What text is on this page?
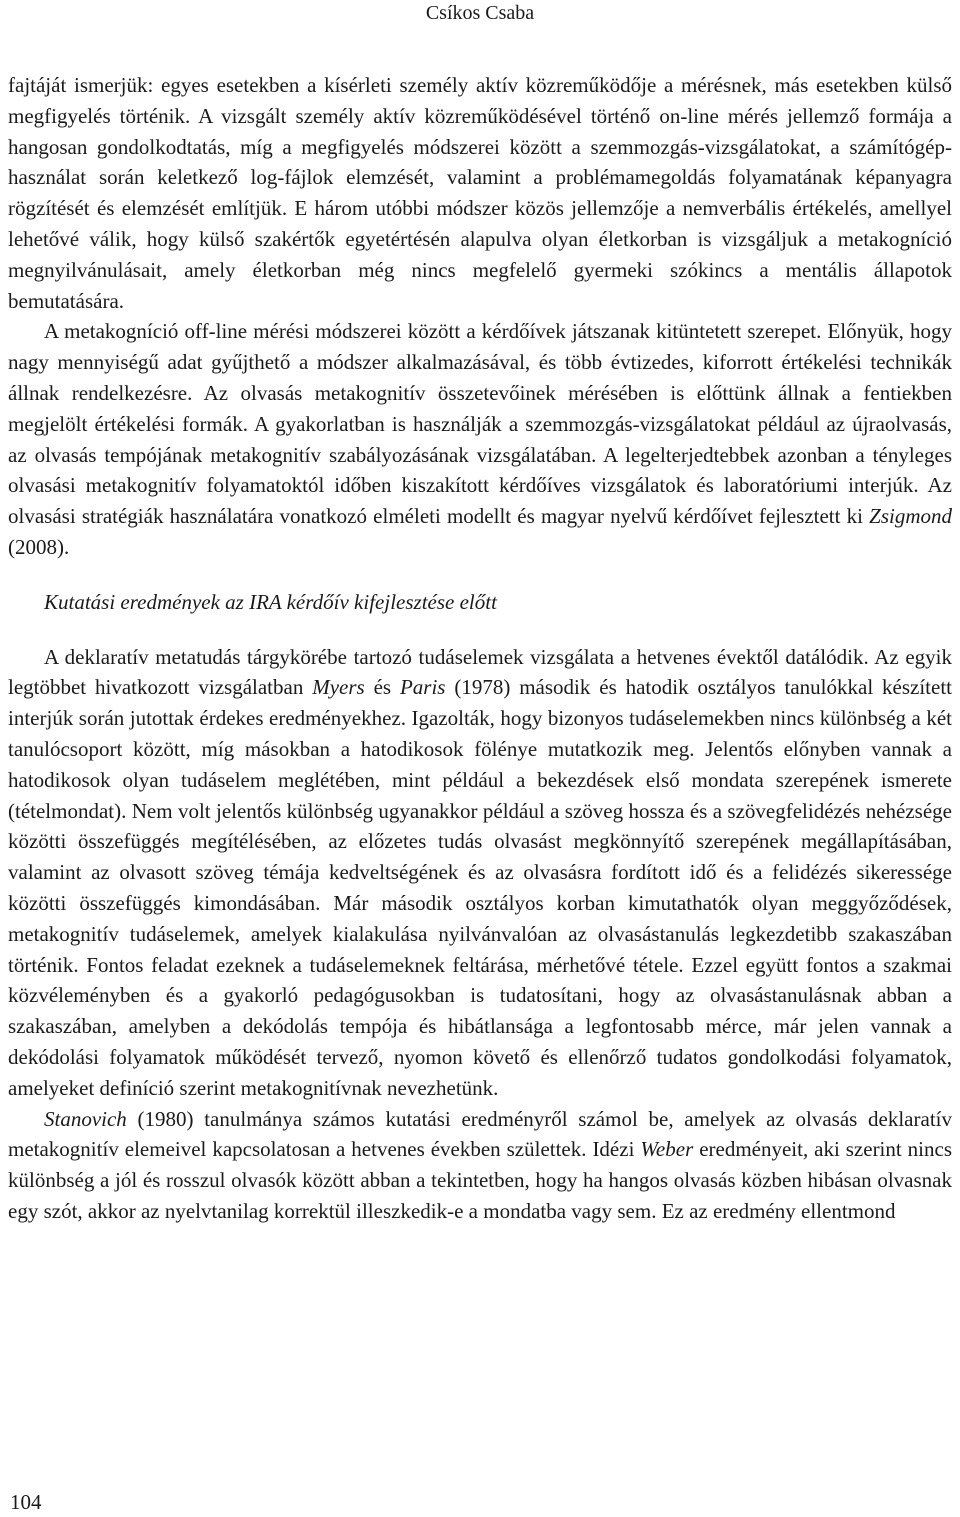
Csíkos Csaba

fajtáját ismerjük: egyes esetekben a kísérleti személy aktív közreműködője a mérésnek, más esetekben külső megfigyelés történik. A vizsgált személy aktív közreműködésével történő on-line mérés jellemző formája a hangosan gondolkodtatás, míg a megfigyelés módszerei között a szemmozgás-vizsgálatokat, a számítógép-használat során keletkező log-fájlok elemzését, valamint a problémamegoldás folyamatának képanyagra rögzítését és elemzését említjük. E három utóbbi módszer közös jellemzője a nemverbális értékelés, amellyel lehetővé válik, hogy külső szakértők egyetértésén alapulva olyan életkorban is vizsgáljuk a metakogníció megnyilvánulásait, amely életkorban még nincs megfelelő gyermeki szókincs a mentális állapotok bemutatására.

A metakogníció off-line mérési módszerei között a kérdőívek játszanak kitüntetett szerepet. Előnyük, hogy nagy mennyiségű adat gyűjthető a módszer alkalmazásával, és több évtizedes, kiforrott értékelési technikák állnak rendelkezésre. Az olvasás metakognitív összetevőinek mérésében is előttünk állnak a fentiekben megjelölt értékelési formák. A gyakorlatban is használják a szemmozgás-vizsgálatokat például az újraolvasás, az olvasás tempójának metakognitív szabályozásának vizsgálatában. A legelterjedtebbek azonban a tényleges olvasási metakognitív folyamatoktól időben kiszakított kérdőíves vizsgálatok és laboratóriumi interjúk. Az olvasási stratégiák használatára vonatkozó elméleti modellt és magyar nyelvű kérdőívet fejlesztett ki Zsigmond (2008).

Kutatási eredmények az IRA kérdőív kifejlesztése előtt

A deklaratív metatudás tárgykörébe tartozó tudáselemek vizsgálata a hetvenes évektől datálódik. Az egyik legtöbbet hivatkozott vizsgálatban Myers és Paris (1978) második és hatodik osztályos tanulókkal készített interjúk során jutottak érdekes eredményekhez. Igazolták, hogy bizonyos tudáselemekben nincs különbség a két tanulócsoport között, míg másokban a hatodikosok fölénye mutatkozik meg. Jelentős előnyben vannak a hatodikosok olyan tudáselem meglétében, mint például a bekezdések első mondata szerepének ismerete (tételmondat). Nem volt jelentős különbség ugyanakkor például a szöveg hossza és a szövegfelidézés nehézsége közötti összefüggés megítélésében, az előzetes tudás olvasást megkönnyítő szerepének megállapításában, valamint az olvasott szöveg témája kedveltségének és az olvasásra fordított idő és a felidézés sikeressége közötti összefüggés kimondásában. Már második osztályos korban kimutathatók olyan meggyőződések, metakognitív tudáselemek, amelyek kialakulása nyilvánvalóan az olvasástanulás legkezdetibb szakaszában történik. Fontos feladat ezeknek a tudáselemeknek feltárása, mérhetővé tétele. Ezzel együtt fontos a szakmai közvéleményben és a gyakorló pedagógusokban is tudatosítani, hogy az olvasástanulásnak abban a szakaszában, amelyben a dekódolás tempója és hibátlansága a legfontosabb mérce, már jelen vannak a dekódolási folyamatok működését tervező, nyomon követő és ellenőrző tudatos gondolkodási folyamatok, amelyeket definíció szerint metakognitívnak nevezhetünk.

Stanovich (1980) tanulmánya számos kutatási eredményről számol be, amelyek az olvasás deklaratív metakognitív elemeivel kapcsolatosan a hetvenes években születtek. Idézi Weber eredményeit, aki szerint nincs különbség a jól és rosszul olvasók között abban a tekintetben, hogy ha hangos olvasás közben hibásan olvasnak egy szót, akkor az nyelvtanilag korrektül illeszkedik-e a mondatba vagy sem. Ez az eredmény ellentmond

104
